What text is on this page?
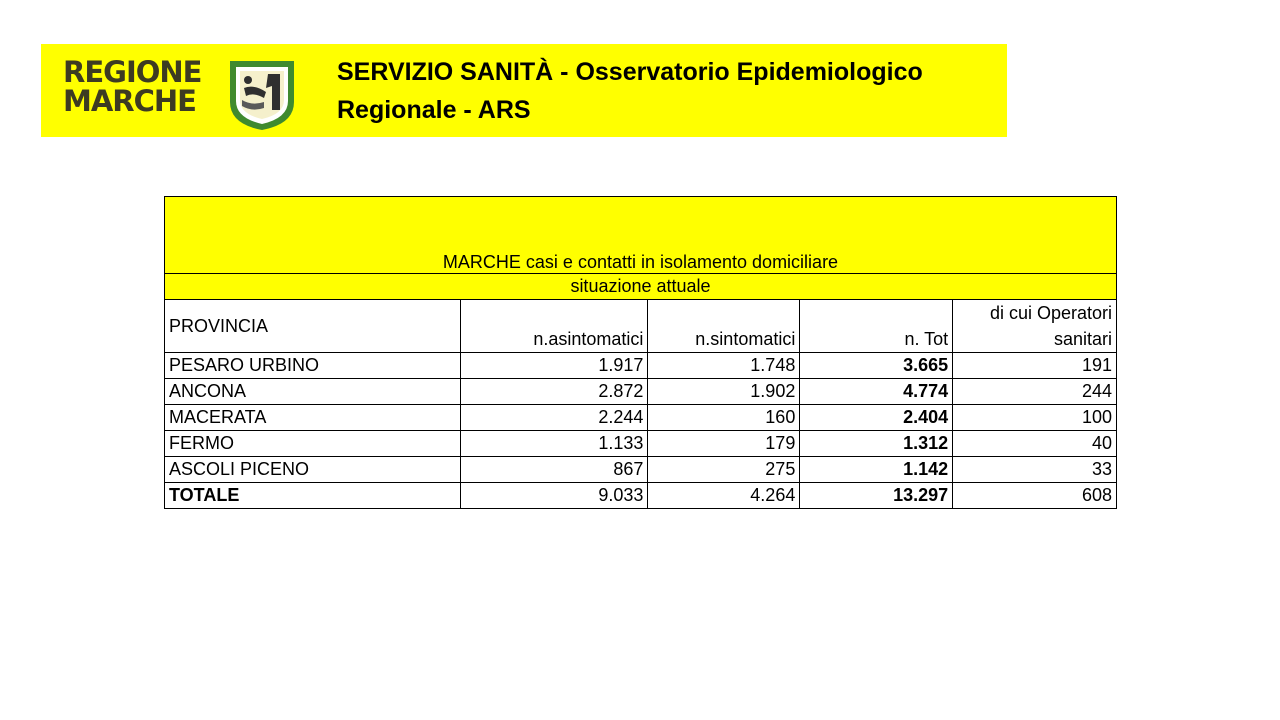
REGIONE
MARCHE
SERVIZIO SANITÀ - Osservatorio Epidemiologico Regionale - ARS
MARCHE casi e contatti in isolamento domiciliare				
situazione attuale				
PROVINCIA	n.asintomatici	n.sintomatici	n. Tot	di cui Operatori sanitari
PESARO URBINO	1.917	1.748	3.665	191
ANCONA	2.872	1.902	4.774	244
MACERATA	2.244	160	2.404	100
FERMO	1.133	179	1.312	40
ASCOLI PICENO	867	275	1.142	33
TOTALE	9.033	4.264	13.297	608
